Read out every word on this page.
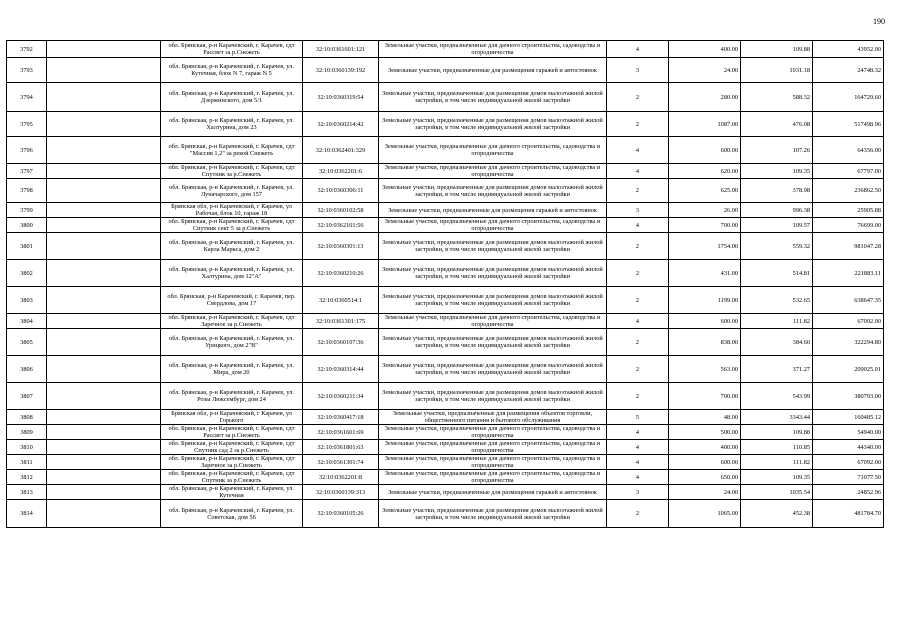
190
3792		обл. Брянская, р-н Карачевский, г. Карачев, сдт Рассвет за р.Снежеть	32:10:0361601:121	Земельные участки, предназначенные для дачного строительства, садоводства и огородничества	4	400.00	109.88	43952.00
3793		обл. Брянская, р-н Карачевский, г. Карачев, ул. Кутечная, блок N 7, гараж N 5	32:10:0360139:192	Земельные участки, предназначенные для размещения гаражей и автостоянок	3	24.00	1031.18	24748.32
3794		обл. Брянская, р-н Карачевский, г. Карачев, ул. Дзержинского, дом 5/1	32:10:0360319:54	Земельные участки, предназначенные для размещения домов малоэтажной жилой застройки, в том числе индивидуальной жилой застройки	2	280.00	588.32	164729.60
3795		обл. Брянская, р-н Карачевский, г. Карачев, ул. Халтурина, дом 23	32:10:0360214:42	Земельные участки, предназначенные для размещения домов малоэтажной жилой застройки, в том числе индивидуальной жилой застройки	2	1087.00	476.08	517498.96
3796		обл. Брянская, р-н Карачевский, г. Карачев, сдт "Массив 1,2" за рекой Снежеть	32:10:0362401:329	Земельные участки, предназначенные для дачного строительства, садоводства и огородничества	4	600.00	107.26	64356.00
3797		обл. Брянская, р-н Карачевский, г. Карачев, сдт Спутник за р.Снежеть	32:10:0362201:6	Земельные участки, предназначенные для дачного строительства, садоводства и огородничества	4	620.00	109.35	67797.00
3798		обл. Брянская, р-н Карачевский, г. Карачев, ул. Луначарского, дом 157	32:10:0360306:11	Земельные участки, предназначенные для размещения домов малоэтажной жилой застройки, в том числе индивидуальной жилой застройки	2	625.00	378.98	236862.50
3799		Брянская обл, р-н Карачевский, г Карачев, ул Рабочая, блок 10, гараж 18	32:10:0360102:58	Земельные участки, предназначенные для размещения гаражей и автостоянок	3	26.00	996.38	25905.88
3800		обл. Брянская, р-н Карачевский, г. Карачев, сдт Спутник сект 5 за р.Снежеть	32:10:0362101:56	Земельные участки, предназначенные для дачного строительства, садоводства и огородничества	4	700.00	109.57	76699.00
3801		обл. Брянская, р-н Карачевский, г. Карачев, ул. Карла Маркса, дом 2	32:10:0360301:13	Земельные участки, предназначенные для размещения домов малоэтажной жилой застройки, в том числе индивидуальной жилой застройки	2	1754.00	559.32	981047.28
3802		обл. Брянская, р-н Карачевский, г. Карачев, ул. Халтурина, дом 12"А"	32:10:0360210:26	Земельные участки, предназначенные для размещения домов малоэтажной жилой застройки, в том числе индивидуальной жилой застройки	2	431.00	514.81	221883.11
3803		обл. Брянская, р-н Карачевский, г. Карачев, пер. Свердлова, дом 17	32:10:0360514:1	Земельные участки, предназначенные для размещения домов малоэтажной жилой застройки, в том числе индивидуальной жилой застройки	2	1199.00	532.65	638647.35
3804		обл. Брянская, р-н Карачевский, г. Карачев, сдт Заречное за р.Снежеть	32:10:0361301:175	Земельные участки, предназначенные для дачного строительства, садоводства и огородничества	4	600.00	111.82	67092.00
3805		обл. Брянская, р-н Карачевский, г. Карачев, ул. Урицкого, дом 2"В"	32:10:0360107:36	Земельные участки, предназначенные для размещения домов малоэтажной жилой застройки, в том числе индивидуальной жилой застройки	2	838.00	384.60	322294.80
3806		обл. Брянская, р-н Карачевский, г. Карачев, ул. Мира, дом 20	32:10:0360314:44	Земельные участки, предназначенные для размещения домов малоэтажной жилой застройки, в том числе индивидуальной жилой застройки	2	563.00	371.27	209025.01
3807		обл. Брянская, р-н Карачевский, г. Карачев, ул. Розы Люксембург, дом 24	32:10:0360211:34	Земельные участки, предназначенные для размещения домов малоэтажной жилой застройки, в том числе индивидуальной жилой застройки	2	700.00	543.99	380793.00
3808		Брянская обл, р-н Карачевский, г Карачев, ул Горького	32:10:0360417:18	Земельные участки, предназначенные для размещения объектов торговли, общественного питания и бытового обслуживания	5	48.00	3343.44	160485.12
3809		обл. Брянская, р-н Карачевский, г. Карачев, сдт Рассвет за р.Снежеть	32:10:0361601:69	Земельные участки, предназначенные для дачного строительства, садоводства и огородничества	4	500.00	109.88	54940.00
3810		обл. Брянская, р-н Карачевский, г. Карачев, сдт Спутник сад 2 за р.Снежеть	32:10:0361801:63	Земельные участки, предназначенные для дачного строительства, садоводства и огородничества	4	400.00	110.85	44340.00
3811		обл. Брянская, р-н Карачевский, г. Карачев, сдт Заречное за р.Снежеть	32:10:0361301:74	Земельные участки, предназначенные для дачного строительства, садоводства и огородничества	4	600.00	111.82	67092.00
3812		обл. Брянская, р-н Карачевский, г. Карачев, сдт Спутник за р.Снежеть	32:10:0362201:8	Земельные участки, предназначенные для дачного строительства, садоводства и огородничества	4	650.00	109.35	71077.50
3813		обл. Брянская, р-н Карачевский, г. Карачев, ул. Кутечная	32:10:0360139:313	Земельные участки, предназначенные для размещения гаражей и автостоянок	3	24.00	1035.54	24852.96
3814		обл. Брянская, р-н Карачевский, г. Карачев, ул. Советская, дом 56	32:10:0360105:26	Земельные участки, предназначенные для размещения домов малоэтажной жилой застройки, в том числе индивидуальной жилой застройки	2	1065.00	452.38	481784.70
